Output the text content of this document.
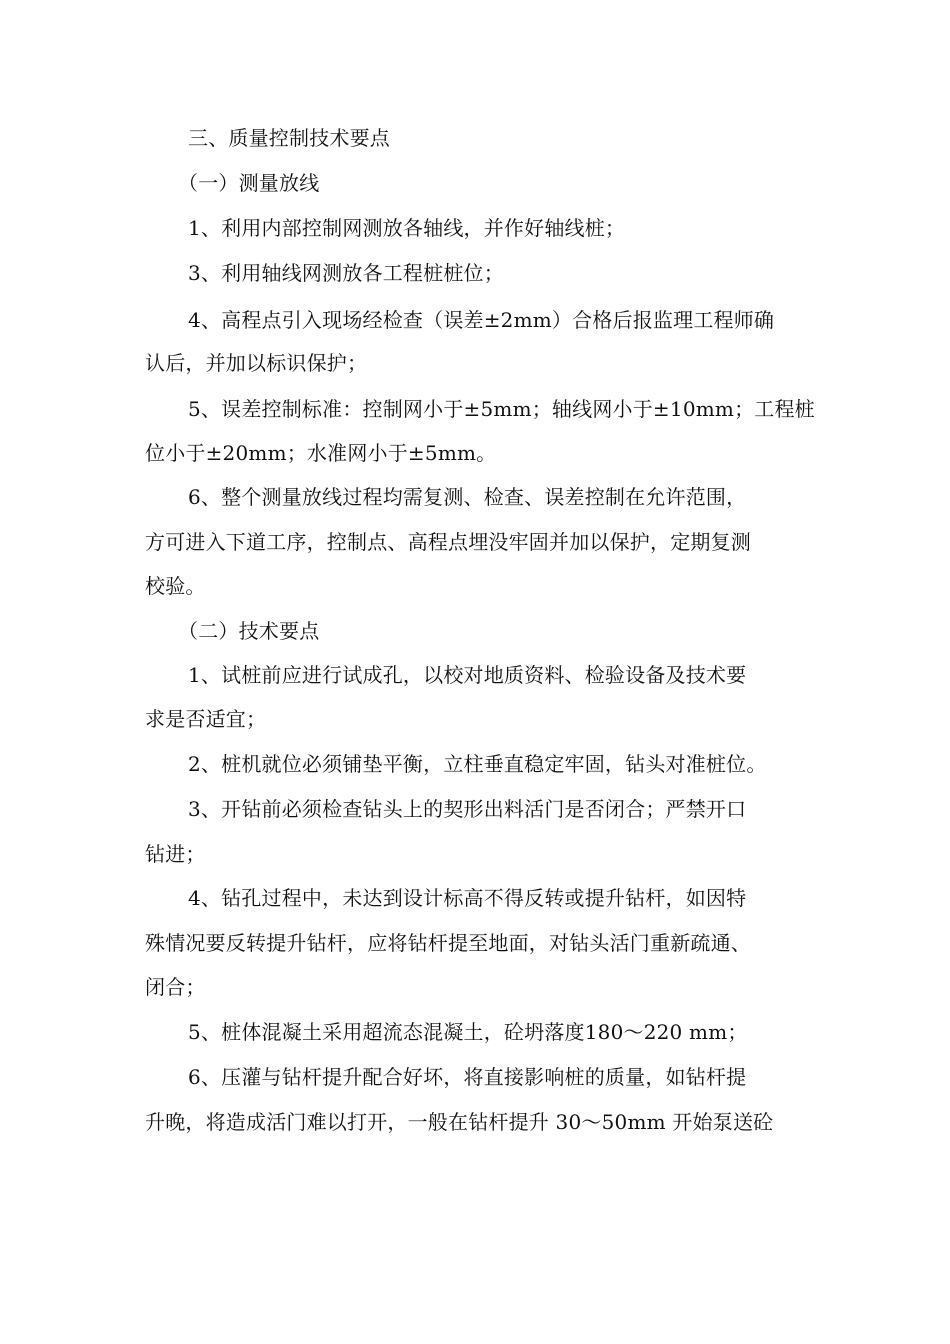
三、质量控制技术要点
（一）测量放线
1、利用内部控制网测放各轴线，并作好轴线桩；
3、利用轴线网测放各工程桩桩位；
4、高程点引入现场经检查（误差±2mm）合格后报监理工程师确
认后，并加以标识保护；
5、误差控制标准：控制网小于±5mm；轴线网小于±10mm；工程桩
位小于±20mm；水准网小于±5mm。
6、整个测量放线过程均需复测、检查、误差控制在允许范围，
方可进入下道工序，控制点、高程点埋没牢固并加以保护，定期复测
校验。
（二）技术要点
1、试桩前应进行试成孔，以校对地质资料、检验设备及技术要
求是否适宜；
2、桩机就位必须铺垫平衡，立柱垂直稳定牢固，钻头对准桩位。
3、开钻前必须检查钻头上的契形出料活门是否闭合；严禁开口
钻进；
4、钻孔过程中，未达到设计标高不得反转或提升钻杆，如因特
殊情况要反转提升钻杆，应将钻杆提至地面，对钻头活门重新疏通、
闭合；
5、桩体混凝土采用超流态混凝土，砼坍落度180～220 mm；
6、压灌与钻杆提升配合好坏，将直接影响桩的质量，如钻杆提
升晚，将造成活门难以打开，一般在钻杆提升 30～50mm 开始泵送砼
